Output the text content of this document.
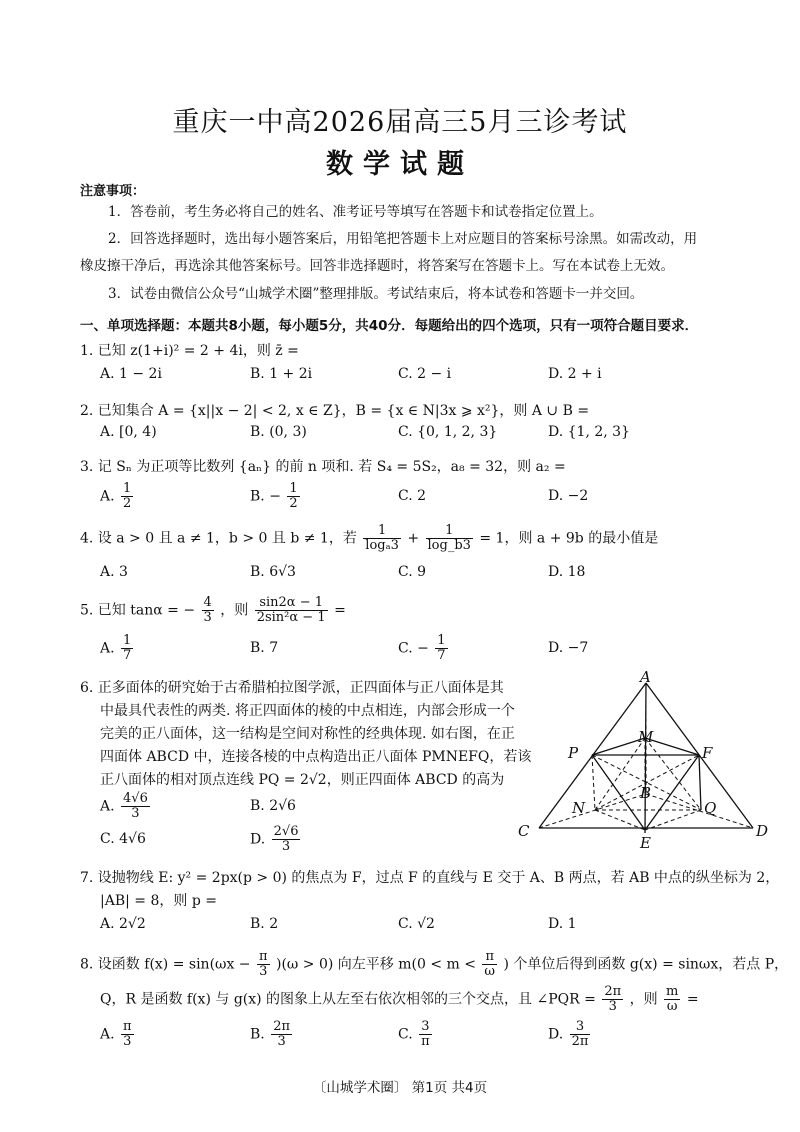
重庆一中高2026届高三5月三诊考试
数学试题
注意事项：
1．答卷前，考生务必将自己的姓名、准考证号等填写在答题卡和试卷指定位置上。
2．回答选择题时，选出每小题答案后，用铅笔把答题卡上对应题目的答案标号涂黑。如需改动，用
橡皮擦干净后，再选涂其他答案标号。回答非选择题时，将答案写在答题卡上。写在本试卷上无效。
3．试卷由微信公众号“山城学术圈”整理排版。考试结束后，将本试卷和答题卡一并交回。
一、单项选择题：本题共8小题，每小题5分，共40分．每题给出的四个选项，只有一项符合题目要求．
1. 已知 z(1+i)² = 2 + 4i，则 z̄ =
A. 1 − 2i	B. 1 + 2i	C. 2 − i	D. 2 + i
2. 已知集合 A = {x||x − 2| < 2, x ∈ Z}，B = {x ∈ N|3x ⩾ x²}，则 A ∪ B =
A. [0, 4)	B. (0, 3)	C. {0, 1, 2, 3}	D. {1, 2, 3}
3. 记 Sₙ 为正项等比数列 {aₙ} 的前 n 项和. 若 S₄ = 5S₂，a₈ = 32，则 a₂ =
A. $\frac{1}{2}$	B. − $\frac{1}{2}$	C. 2	D. −2
4. 设 a > 0 且 a ≠ 1，b > 0 且 b ≠ 1，若 $\frac{1}{\text{logₐ3}} + \frac{1}{\log\_b3} = 1$，则 a + 9b 的最小值是
A. 3	B. 6√3	C. 9	D. 18
5. 已知 tanα = − $\frac{4}{3}$ ，则 $\frac{\sin 2\alpha - 1}{\text{2sin²α − 1}}$ =
A. $\frac{1}{7}$	B. 7	C. − $\frac{1}{7}$	D. −7
6. 正多面体的研究始于古希腊柏拉图学派，正四面体与正八面体是其
中最具代表性的两类. 将正四面体的棱的中点相连，内部会形成一个
完美的正八面体，这一结构是空间对称性的经典体现. 如右图，在正
四面体 ABCD 中，连接各棱的中点构造出正八面体 PMNEFQ，若该
正八面体的相对顶点连线 PQ = 2√2，则正四面体 ABCD 的高为
A. $\frac{4√6}{3}$	B. 2√6
C. 4√6	D. $\frac{2√6}{3}$
A
M
P	F
B
N	Q
C
E
D
7. 设抛物线 E: y² = 2px(p > 0) 的焦点为 F，过点 F 的直线与 E 交于 A、B 两点，若 AB 中点的纵坐标为 2，
|AB| = 8，则 p =
A. 2√2	B. 2	C. √2	D. 1
8. 设函数 $f(x) = \sin(\omega x - \frac{\pi}{3} )(\omega > 0)$ 向左平移 $m(0 < m < \frac{\pi}{\omega}$ ) 个单位后得到函数 g(x) = sinωx，若点 P，
Q，R 是函数 f(x) 与 g(x) 的图象上从左至右依次相邻的三个交点，且 ∠PQR = $\frac{2\pi}{3}$ ，则 $\frac{m}{\omega}$ =
A. $\frac{\pi}{3}$	B. $\frac{2\pi}{3}$	C. $\frac{3}{\pi}$	D. $\frac{3}{2\pi}$
〔山城学术圈〕 第1页 共4页
